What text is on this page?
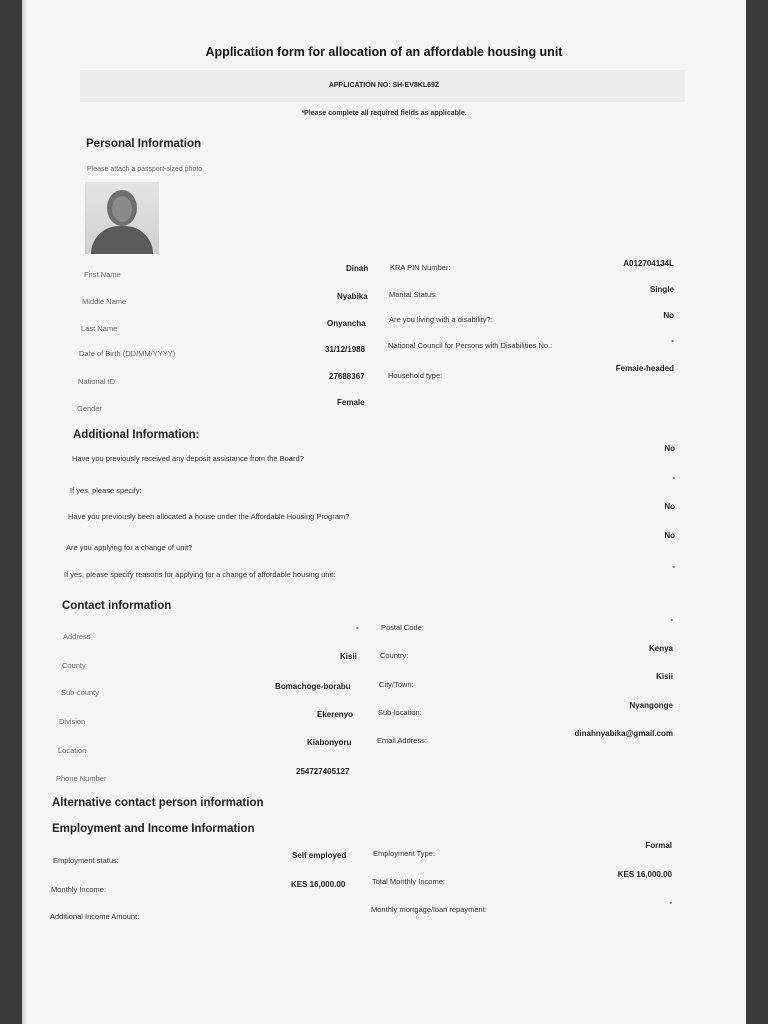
Application form for allocation of an affordable housing unit
APPLICATION NO: SH-EV8KL69Z
*Please complete all required fields as applicable.
Personal Information
Please attach a passport-sized photo
First Name
Middle Name
Last Name
Date of Birth (DD/MM/YYYY)
National ID
Gender
Dinah
Nyabika
Onyancha
31/12/1988
27688367
Female
KRA PIN Number:
Marital Status:
Are you living with a disability?:
National Council for Persons with Disabilities No.:
Household type:
A012704134L
Single
No
-
Female-headed
Additional Information:
Have you previously received any deposit assistance from the Board?
If yes, please specify:
Have you previously been allocated a house under the Affordable Housing Program?
Are you applying for a change of unit?
If yes, please specify reasons for applying for a change of affordable housing unit:
No
-
No
No
-
Contact information
Address
County
Sub-county
Division
Location
Phone Number
-
Kisii
Bomachoge-borabu
Ekerenyo
Kiabonyoru
254727405127
Postal Code:
Country:
City/Town:
Sub-location:
Email Address:
-
Kenya
Kisii
Nyangonge
dinahnyabika@gmail.com
Alternative contact person information
Employment and Income Information
Employment status:
Monthly Income:
Additional Income Amount:
Self employed
KES 16,000.00
Employment Type:
Total Monthly Income:
Monthly mortgage/loan repayment:
Formal
KES 16,000.00
-
